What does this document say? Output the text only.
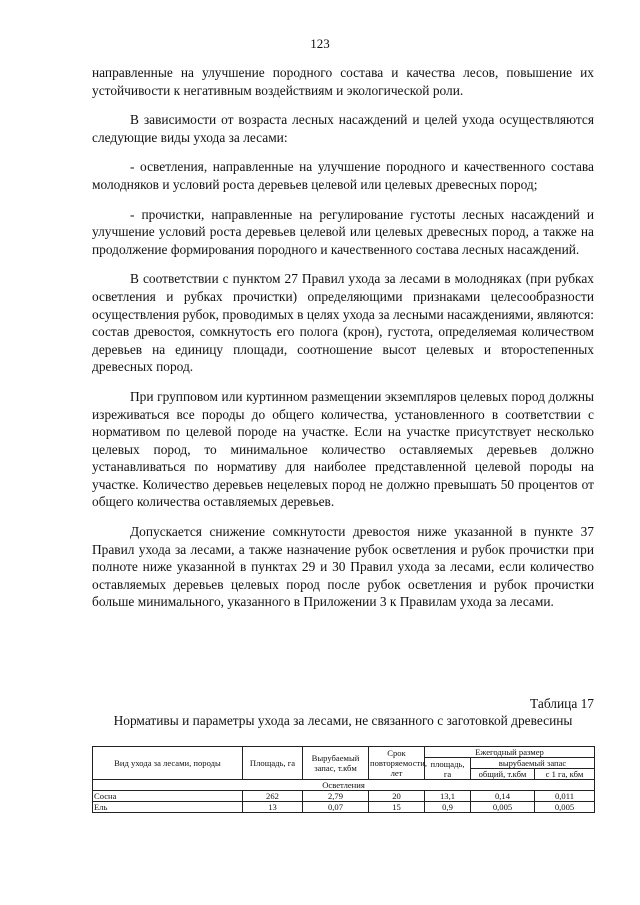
123

направленные на улучшение породного состава и качества лесов, повышение их устойчивости к негативным воздействиям и экологической роли.

В зависимости от возраста лесных насаждений и целей ухода осуществляются следующие виды ухода за лесами:

- осветления, направленные на улучшение породного и качественного состава молодняков и условий роста деревьев целевой или целевых древесных пород;

- прочистки, направленные на регулирование густоты лесных насаждений и улучшение условий роста деревьев целевой или целевых древесных пород, а также на продолжение формирования породного и качественного состава лесных насаждений.

В соответствии с пунктом 27 Правил ухода за лесами в молодняках (при рубках осветления и рубках прочистки) определяющими признаками целесообразности осуществления рубок, проводимых в целях ухода за лесными насаждениями, являются: состав древостоя, сомкнутость его полога (крон), густота, определяемая количеством деревьев на единицу площади, соотношение высот целевых и второстепенных древесных пород.

При групповом или куртинном размещении экземпляров целевых пород должны изреживаться все породы до общего количества, установленного в соответствии с нормативом по целевой породе на участке. Если на участке присутствует несколько целевых пород, то минимальное количество оставляемых деревьев должно устанавливаться по нормативу для наиболее представленной целевой породы на участке. Количество деревьев нецелевых пород не должно превышать 50 процентов от общего количества оставляемых деревьев.

Допускается снижение сомкнутости древостоя ниже указанной в пункте 37 Правил ухода за лесами, а также назначение рубок осветления и рубок прочистки при полноте ниже указанной в пунктах 29 и 30 Правил ухода за лесами, если количество оставляемых деревьев целевых пород после рубок осветления и рубок прочистки больше минимального, указанного в Приложении 3 к Правилам ухода за лесами.

Таблица 17
Нормативы и параметры ухода за лесами, не связанного с заготовкой древесины
Вид ухода за лесами, породы	Площадь, га	Вырубаемый запас, т.кбм	Срок повторяемости, лет	Ежегодный размер		
				площадь, га	вырубаемый запас	
					общий, т.кбм	с 1 га, кбм
Осветления						
Сосна	262	2,79	20	13,1	0,14	0,011
Ель	13	0,07	15	0,9	0,005	0,005
